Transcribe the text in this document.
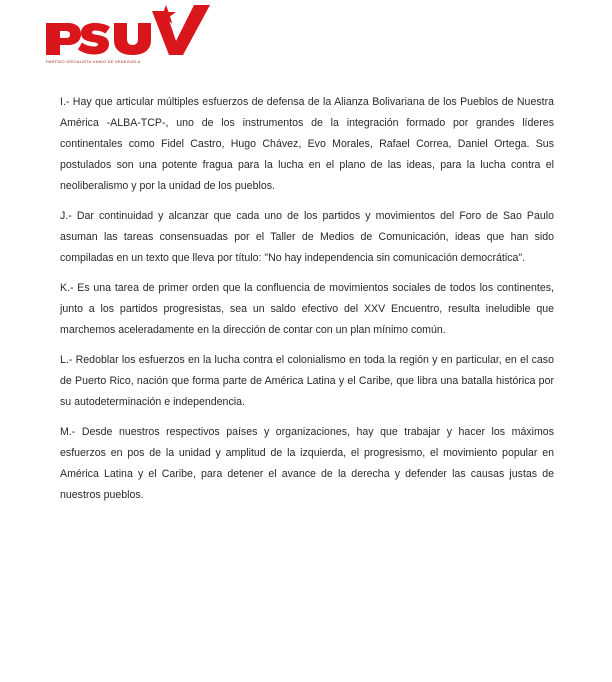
PARTIDO SOCIALISTA UNIDO DE VENEZUELA

I.- Hay que articular múltiples esfuerzos de defensa de la Alianza Bolivariana de los Pueblos de Nuestra América -ALBA-TCP-, uno de los instrumentos de la integración formado por grandes líderes continentales como Fidel Castro, Hugo Chávez, Evo Morales, Rafael Correa, Daniel Ortega. Sus postulados son una potente fragua para la lucha en el plano de las ideas, para la lucha contra el neoliberalismo y por la unidad de los pueblos.

J.- Dar continuidad y alcanzar que cada uno de los partidos y movimientos del Foro de Sao Paulo asuman las tareas consensuadas por el Taller de Medios de Comunicación, ideas que han sido compiladas en un texto que lleva por título: "No hay independencia sin comunicación democrática".

K.- Es una tarea de primer orden que la confluencia de movimientos sociales de todos los continentes, junto a los partidos progresistas, sea un saldo efectivo del XXV Encuentro, resulta ineludible que marchemos aceleradamente en la dirección de contar con un plan mínimo común.

L.- Redoblar los esfuerzos en la lucha contra el colonialismo en toda la región y en particular, en el caso de Puerto Rico, nación que forma parte de América Latina y el Caribe, que libra una batalla histórica por su autodeterminación e independencia.

M.- Desde nuestros respectivos países y organizaciones, hay que trabajar y hacer los máximos esfuerzos en pos de la unidad y amplitud de la izquierda, el progresismo, el movimiento popular en América Latina y el Caribe, para detener el avance de la derecha y defender las causas justas de nuestros pueblos.
